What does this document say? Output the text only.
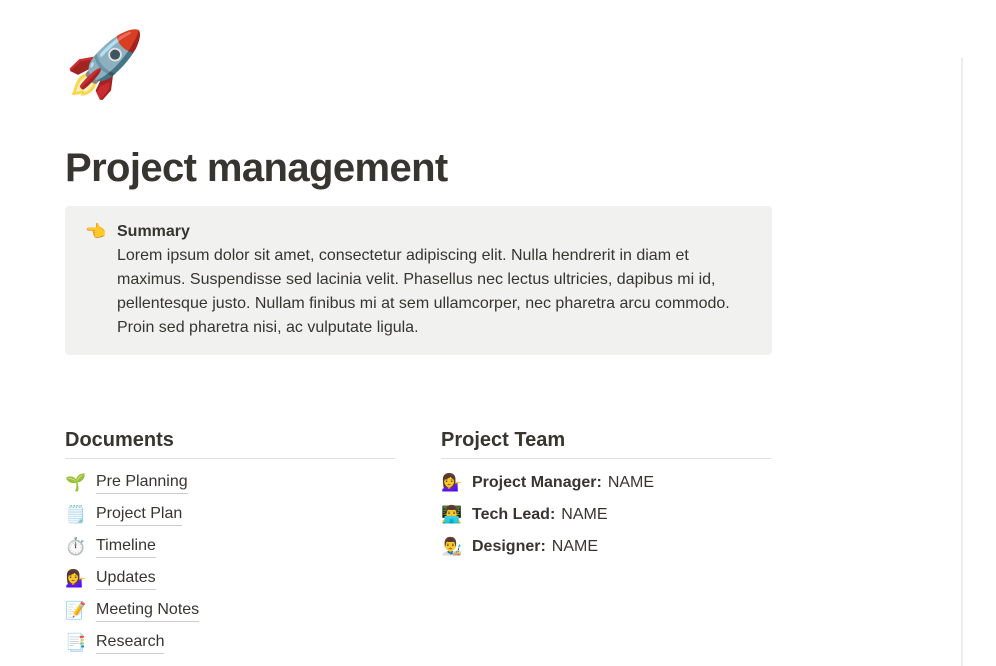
🚀
Project management
👈 Summary

Lorem ipsum dolor sit amet, consectetur adipiscing elit. Nulla hendrerit in diam et maximus. Suspendisse sed lacinia velit. Phasellus nec lectus ultricies, dapibus mi id, pellentesque justo. Nullam finibus mi at sem ullamcorper, nec pharetra arcu commodo. Proin sed pharetra nisi, ac vulputate ligula.

Documents
🌱 Pre Planning
🗒️ Project Plan
⏱️ Timeline
💁‍♀️ Updates
📝 Meeting Notes
📑 Research
Project Team
💁‍♀️ Project Manager: NAME
👨‍💻 Tech Lead: NAME
👨‍🎨 Designer: NAME
